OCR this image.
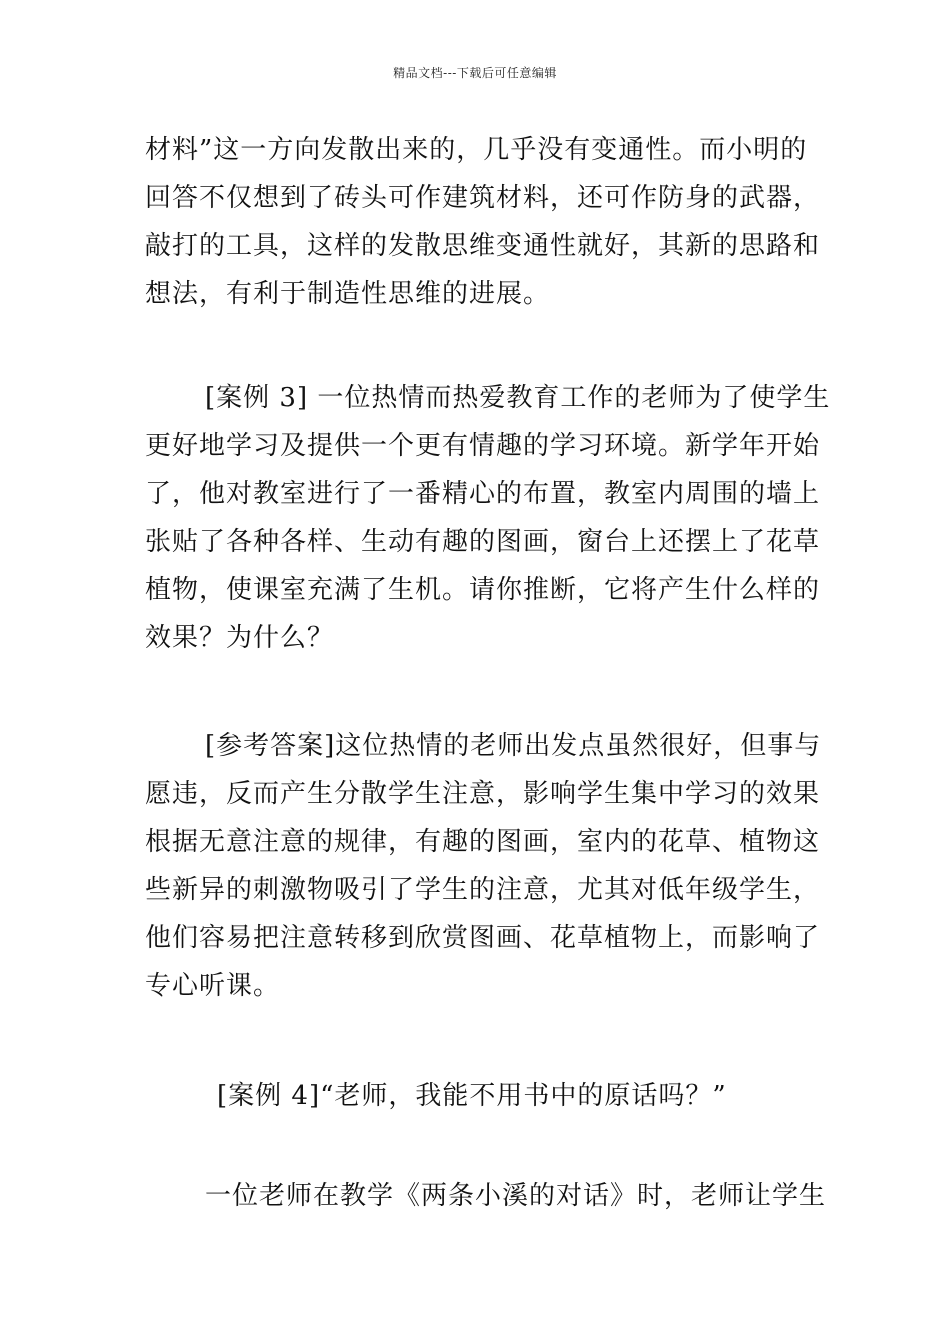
精品文档---下载后可任意编辑
材料”这一方向发散出来的，几乎没有变通性。而小明的
回答不仅想到了砖头可作建筑材料，还可作防身的武器，
敲打的工具，这样的发散思维变通性就好，其新的思路和
想法，有利于制造性思维的进展。
[案例 3] 一位热情而热爱教育工作的老师为了使学生
更好地学习及提供一个更有情趣的学习环境。新学年开始
了，他对教室进行了一番精心的布置，教室内周围的墙上
张贴了各种各样、生动有趣的图画，窗台上还摆上了花草
植物，使课室充满了生机。请你推断，它将产生什么样的
效果？为什么？
[参考答案]这位热情的老师出发点虽然很好，但事与
愿违，反而产生分散学生注意，影响学生集中学习的效果
根据无意注意的规律，有趣的图画，室内的花草、植物这
些新异的刺激物吸引了学生的注意，尤其对低年级学生，
他们容易把注意转移到欣赏图画、花草植物上，而影响了
专心听课。
[案例 4]“老师，我能不用书中的原话吗？”
一位老师在教学《两条小溪的对话》时，老师让学生
